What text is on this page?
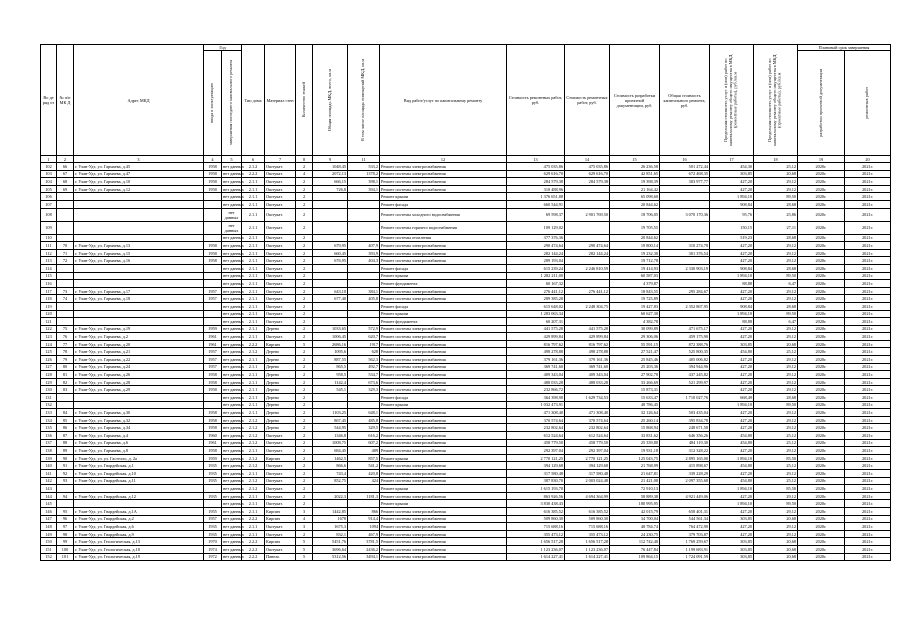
Во де ряд от	№ п/п МК Д	Адрес МКД	Год		Тип дома	Материал стен	Количество этажей	Общая площадь МКД, всего, кв.м	В том числе площадь помещений МКД, кв.м	Вид работ/услуг по капитальному ремонту	Стоимость ремонтных работ, руб.	Стоимость ремонтных работ, руб.	Стоимость разработки проектной документации, руб.	Общая стоимость капитального ремонта, руб.	Предельная стоимость услуг и (или) работ по капитальному ремонту общего имущества в МКД (ремонтные работы), руб./кв.м	Предельная стоимость услуг и (или) работ по капитальному ремонту общего имущества в МКД (проектные работы), руб./кв.м	Плановый срок завершения	

			ввода в эксплуатацию	завершения последнего капитального ремонта													разработки проектной документации	ремонтных работ

1	2	3	4	5	6	7	8	9	11	12	13	14	15	16	17	18	19	20
102	66	г. Улан-Удэ, ул. Гармаева, д.45	1958	нет данных	2.1.2	Оштукат.	2	1048,45	533,2	Ремонт системы электроснабжения	475 035,86	475 035,86	26 236,58	501 272,44	454,30	25,12	2020г.	2021г.
103	67	г. Улан-Удэ, ул. Гармаева, д.47	1958	нет данных	2.2.2	Оштукат.	4	2072,13	1378,2	Ремонт системы электроснабжения	629 616,70	629 616,70	42 851,65	672 468,35	303,85	20,68	2020г.	2021г.
104	68	г. Улан-Удэ, ул. Гармаева, д.10	1958	нет данных	2.1.1	Оштукат.	2	666,15	398,1	Ремонт системы электроснабжения	284 579,38	284 579,38	19 398,39	303 977,77	427,20	29,12	2020г.	2021г.
105	69	г. Улан-Удэ, ул. Гармаева, д.12	1958	нет данных	2.1.1	Оштукат.	2	726,8	394,1	Ремонт системы электроснабжения	310 488,96		21 164,42		427,20	29,12	2020г.	2021г.
106				нет данных	2.1.1	Оштукат.	2			Ремонт крыши	1 376 651,88		65 098,60		1 894,10	89,50	2020г.	2021г.
107				нет данных	2.1.1	Оштукат.	2			Ремонт фасада	660 544,91		20 844,62		908,84	28,68	2020г.	2021г.
108				нет данных	2.1.1	Оштукат.	2			Ремонт системы холодного водоснабжения	69 598,37	2 901 769,50	18 706,05	3 070 170,36	95,76	25,86	2020г.	2021г.
109				нет данных	2.1.1	Оштукат.	2			Ремонт системы горячего водоснабжения	109 129,02		19 705,55		150,15	27,11	2020г.	2021г.
110				нет данных	2.1.1	Оштукат.	2			Ремонт системы отопления	377 376,36		20 844,62		519,23	28,68	2020г.	2021г.
111	70	г. Улан-Удэ, ул. Гармаева, д.13	1958	нет данных	2.1.1	Оштукат.	2	679,95	407,9	Ремонт системы электроснабжения	290 474,64	290 474,64	19 800,14	310 274,78	427,20	29,12	2020г.	2021г.
112	71	г. Улан-Удэ, ул. Гармаева, д.15	1958	нет данных	2.1.1	Оштукат.	2	660,45	393,9	Ремонт системы электроснабжения	282 144,24	282 144,24	19 232,30	301 376,54	427,20	29,12	2020г.	2021г.
113	72	г. Улан-Удэ, ул. Гармаева, д.16	1958	нет данных	2.1.1	Оштукат.	2	676,95	404,3	Ремонт системы электроснабжения	289 193,04		19 712,78		427,20	29,12	2020г.	2021г.
114				нет данных	2.1.1	Оштукат.	2			Ремонт фасада	615 239,24	2 246 810,59	19 414,93	2 330 903,19	908,84	28,68	2020г.	2021г.
115				нет данных	2.1.1	Оштукат.	2			Ремонт крыши	1 282 211,00		60 587,03		1 894,10	89,50	2020г.	2021г.
116				нет данных	2.1.1	Оштукат.	2			Ремонт фундамента	60 167,32		4 379,87		88,88	6,47	2020г.	2021г.
117	73	г. Улан-Удэ, ул. Гармаева, д.17	1957	нет данных	2.1.1	Оштукат.	2	643,10	384,1	Ремонт системы электроснабжения	276 441,12	276 441,12	18 843,55	295 284,67	427,20	29,12	2020г.	2021г.
118	74	г. Улан-Удэ, ул. Гармаева, д.18	1957	нет данных	2.1.1	Оштукат.	2	677,40	405,8	Ремонт системы электроснабжения	289 385,28		19 725,89		427,20	29,12	2020г.	2021г.
119				нет данных	2.1.1	Оштукат.	2			Ремонт фасада	615 648,02	2 248 304,75	19 427,83	2 352 867,95	908,84	28,68	2020г.	2021г.
120				нет данных	2.1.1	Оштукат.	2			Ремонт крыши	1 283 063,34		60 627,30		1 894,10	89,50	2020г.	2021г.
121				нет данных	2.1.1	Оштукат.	2			Ремонт фундамента	60 207,31		4 382,78		88,88	6,47	2020г.	2021г.
122	75	г. Улан-Удэ, ул. Гармаева, д.19	1959	нет данных	2.1.1	Дерево	2	1033,65	572,9	Ремонт системы электроснабжения	441 575,28	441 575,28	30 099,89	471 675,17	427,20	29,12	2020г.	2021г.
123	76	г. Улан-Удэ, ул. Гармаева, д.2	1961	нет данных	2.1.1	Оштукат.	2	1006,45	620,7	Ремонт системы электроснабжения	429 899,84	429 899,84	29 306,06	459 175,90	427,20	29,12	2020г.	2021г.
124	77	г. Улан-Удэ, ул. Гармаева, д.20	1961	нет данных	2.2.2	Кирпич	5	2686,16	1917	Ремонт системы электроснабжения	816 797,62	816 797,62	55 591,15	872 388,76	303,85	20,68	2020г.	2021г.
125	78	г. Улан-Удэ, ул. Гармаева, д.21	1957	нет данных	2.1.2	Дерево	2	1095,6	628	Ремонт системы электроснабжения	498 278,88	498 278,88	27 521,47	525 800,35	454,80	25,12	2020г.	2021г.
126	79	г. Улан-Удэ, ул. Гармаева, д.22	1957	нет данных	2.1.1	Дерево	2	887,55	562,3	Ремонт системы электроснабжения	379 161,36	379 161,36	25 845,46	405 006,82	427,20	29,12	2020г.	2021г.
127	80	г. Улан-Удэ, ул. Гармаева, д.24	1957	нет данных	2.1.1	Дерево	2	865,5	492,7	Ремонт системы электроснабжения	369 741,60	369 741,60	25 203,36	394 944,96	427,20	29,12	2020г.	2021г.
128	81	г. Улан-Удэ, ул. Гармаева, д.26	1958	нет данных	2.1.1	Дерево	2	958,5	534,7	Ремонт системы электроснабжения	409 343,04	409 343,04	27 902,78	437 245,82	427,20	29,12	2020г.	2021г.
129	82	г. Улан-Удэ, ул. Гармаева, д.28	1958	нет данных	2.1.1	Дерево	2	1142,4	673,6	Ремонт системы электроснабжения	488 033,28	488 033,28	33 266,69	521 299,97	427,20	29,12	2020г.	2021г.
130	83	г. Улан-Удэ, ул. Гармаева, д.29	1958	нет данных	2.1.1	Дерево	2	545,1	329,3	Ремонт системы электроснабжения	232 866,72		15 873,31		427,20	29,12	2020г.	2021г.
131				нет данных	2.1.1	Дерево	2			Ремонт фасада	364 398,90	1 629 734,53	15 633,47	1 710 027,76	668,49	28,68	2020г.	2021г.
132				нет данных	2.1.1	Дерево	2			Ремонт крыши	1 032 473,91		48 786,45		1 894,10	89,50	2020г.	2021г.
133	84	г. Улан-Удэ, ул. Гармаева, д.30	1958	нет данных	2.1.1	Дерево	2	1103,25	648,1	Ремонт системы электроснабжения	471 308,40	471 308,40	32 126,64	503 435,04	427,20	29,12	2020г.	2021г.
134	85	г. Улан-Удэ, ул. Гармаева, д.32	1958	нет данных	2.1.2	Дерево	2	867,45	485,8	Ремонт системы электроснабжения	370 574,64	370 574,64	25 260,14	395 834,78	427,20	29,12	2020г.	2021г.
135	86	г. Улан-Удэ, ул. Гармаева, д.34	1958	нет данных	2.1.2	Дерево	2	544,95	329,5	Ремонт системы электроснабжения	232 802,64	232 802,64	15 868,94	248 671,58	427,20	29,12	2020г.	2021г.
136	87	г. Улан-Удэ, ул. Гармаева, д.4	1960	нет данных	2.1.2	Оштукат.	2	1346,8	616,2	Ремонт системы электроснабжения	612 524,64	612 524,64	33 831,62	646 356,26	454,80	25,12	2020г.	2021г.
137	88	г. Улан-Удэ, ул. Гармаева, д.6	1961	нет данных	2.1.2	Оштукат.	2	1008,75	607,2	Ремонт системы электроснабжения	458 779,50	458 779,50	25 339,80	484 119,30	454,80	25,12	2020г.	2021г.
138	89	г. Улан-Удэ, ул. Гармаева, д.8	1958	нет данных	2.1.1	Оштукат.	2	684,45	409	Ремонт системы электроснабжения	292 397,04	292 397,04	19 931,18	312 328,22	427,20	29,12	2020г.	2021г.
139	90	г. Улан-Удэ, ул. ул. Гастелло, д. 2а	1959	нет данных	2.1.2	Кирпич	2	1462,5	857,5	Ремонт крыши	2 770 121,25	2 770 121,25	125 043,75	2 895 165,00	1 894,10	85,50	2020г.	2021г.
140	91	г. Улан-Удэ, ул. Гвардейская, д.1	1935	нет данных	2.1.2	Оштукат.	2	866,6	541,2	Ремонт системы электроснабжения	394 129,68	394 129,68	21 768,99	415 898,67	454,80	25,12	2020г.	2021г.
141	92	г. Улан-Удэ, ул. Гвардейская, д.10	1935	нет данных	2.1.1	Оштукат.	2	743,4	420,8	Ремонт системы электроснабжения	317 580,48	317 580,48	21 647,81	339 228,29	427,20	29,12	2020г.	2021г.
142	93	г. Улан-Удэ, ул. Гвардейская, д.11	1935	нет данных	2.1.2	Оштукат.	2	852,75	424	Ремонт системы электроснабжения	387 830,70	2 003 024,48	21 421,08	2 097 355,68	454,80	25,12	2020г.	2021г.
143				нет данных	2.1.2	Оштукат.	2			Ремонт крыши	1 615 193,78		72 910,13		1 894,10	85,50	2020г.	2021г.
144	94	г. Улан-Удэ, ул. Гвардейская, д.12	1935	нет данных	2.1.1	Оштукат.	2	2022,3	1181,3	Ремонт системы электроснабжения	863 926,56	4 694 364,99	58 889,38	4 921 449,06	427,20	29,12	2020г.	2021г.
145				нет данных	2.1.1	Оштукат.	2			Ремонт крыши	3 830 438,43		180 995,95		1 894,10	89,50	2020г.	2021г.
146	95	г. Улан-Удэ, ул. Гвардейская, д.1А	1955	нет данных	2.1.1	Кирпич	3	1442,85	866	Ремонт системы электроснабжения	616 385,52	616 385,52	42 015,79	658 401,31	427,20	29,12	2020г.	2021г.
147	96	г. Улан-Удэ, ул. Гвардейская, д.2	1957	нет данных	2.2.2	Кирпич	4	1678	914,4	Ремонт системы электроснабжения	509 860,30	509 860,30	34 700,04	544 561,34	303,85	20,68	2020г.	2021г.
148	97	г. Улан-Удэ, ул. Гвардейская, д.6	1935	нет данных	2.1.1	Оштукат.	3	1675,3	1094	Ремонт системы электроснабжения	715 688,16	715 688,16	48 784,74	764 472,90	427,20	29,12	2020г.	2021г.
149	98	г. Улан-Удэ, ул. Гвардейская, д.9	1935	нет данных	2.1.1	Оштукат.	2	832,1	467,9	Ремонт системы электроснабжения	355 473,12	355 473,12	24 230,75	379 703,87	427,20	29,12	2020г.	2021г.
150	99	г. Улан-Удэ, ул. Геологическая, д.13	1970	нет данных	2.2.2	Кирпич	5	5451,76	3781,5	Ремонт системы электроснабжения	1 656 517,28	1 656 517,28	112 742,40	1 769 259,67	303,85	20,68	2020г.	2021г.
151	100	г. Улан-Удэ, ул. Геологическая, д.18	1974	нет данных	2.2.2	Оштукат.	5	3696,64	2436,2	Ремонт системы электроснабжения	1 123 236,07	1 123 236,07	76 447,84	1 199 683,91	303,85	20,68	2020г.	2021г.
152	101	г. Улан-Удэ, ул. Геологическая, д.19	1972	нет данных	2.2.2	Панель	5	5312,56	3494,1	Ремонт системы электроснабжения	1 614 227,41	1 614 227,41	109 864,15	1 724 091,59	303,85	20,68	2020г.	2021г.
